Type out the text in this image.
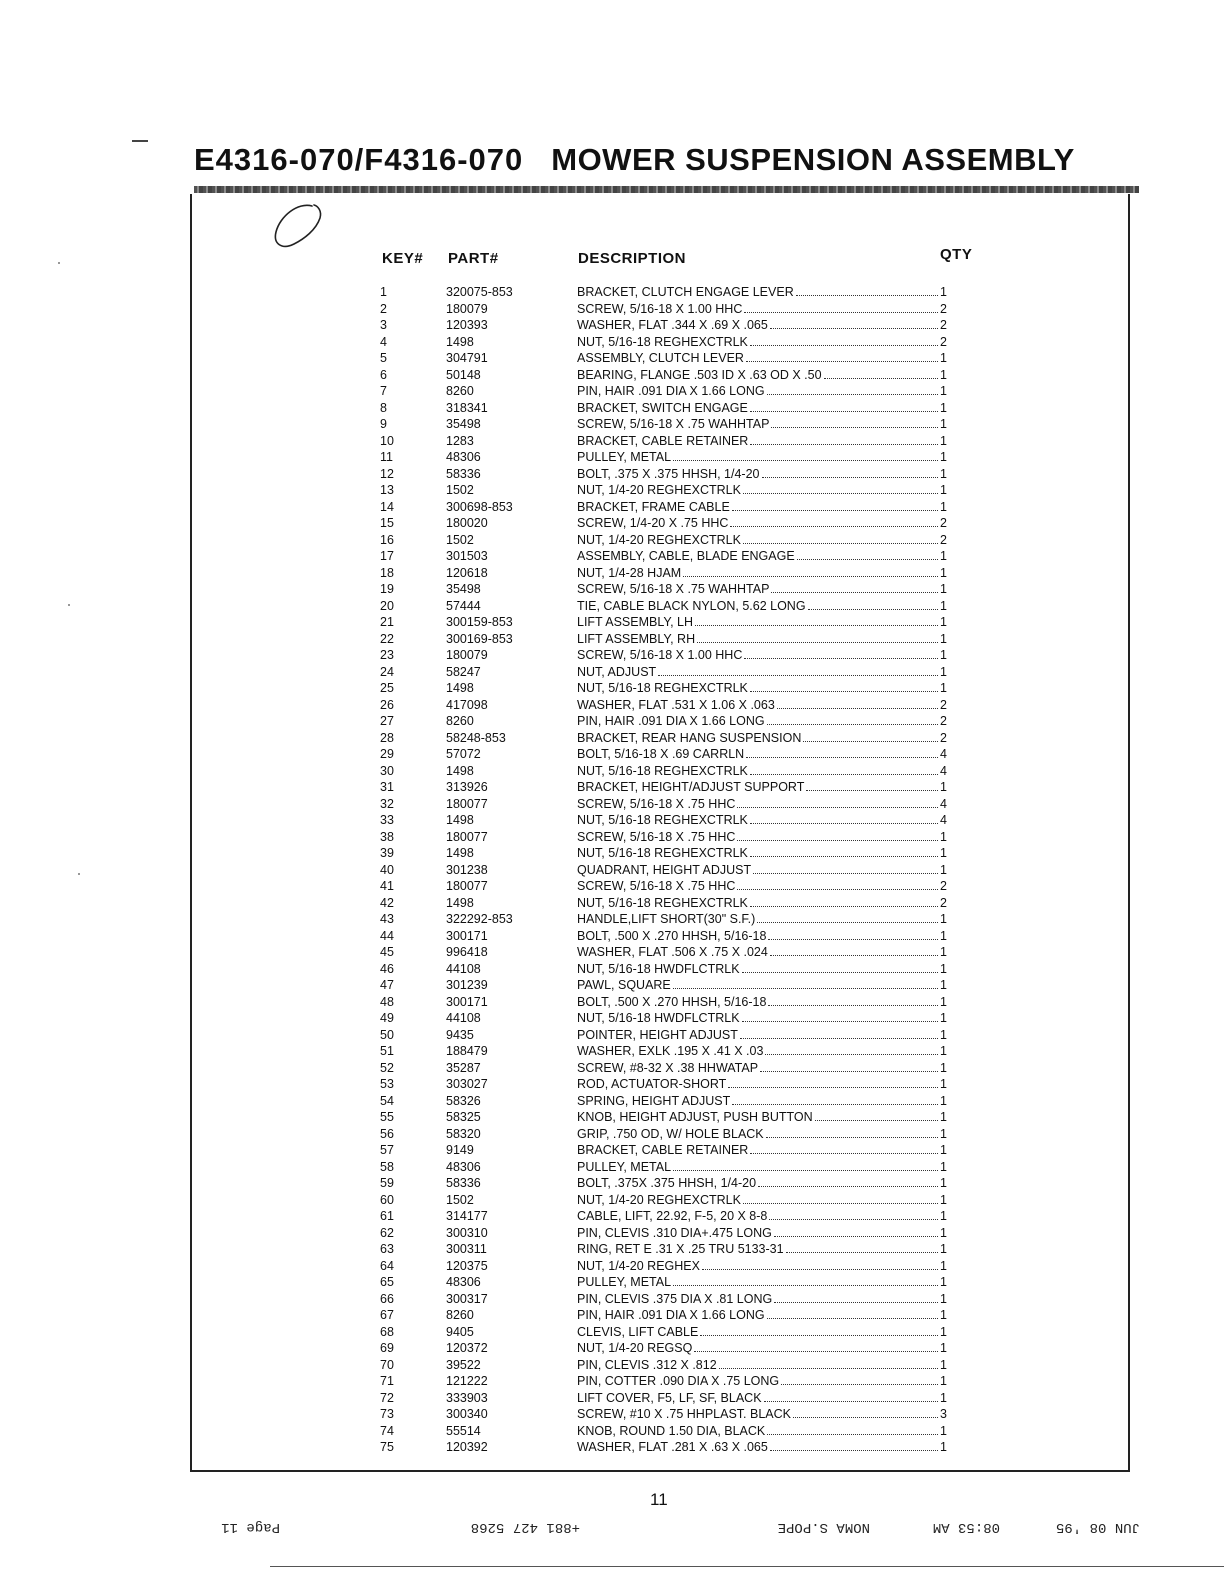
E4316-070/F4316-070 MOWER SUSPENSION ASSEMBLY
KEY# PART#	DESCRIPTION	QTY
1	320075-853	BRACKET, CLUTCH ENGAGE LEVER	1
2	180079	SCREW, 5/16-18 X 1.00 HHC	2
3	120393	WASHER, FLAT .344 X .69 X .065	2
4	1498	NUT, 5/16-18 REGHEXCTRLK	2
5	304791	ASSEMBLY, CLUTCH LEVER	1
6	50148	BEARING, FLANGE .503 ID X .63 OD X .50	1
7	8260	PIN, HAIR .091 DIA X 1.66 LONG	1
8	318341	BRACKET, SWITCH ENGAGE	1
9	35498	SCREW, 5/16-18 X .75 WAHHTAP	1
10	1283	BRACKET, CABLE RETAINER	1
11	48306	PULLEY, METAL	1
12	58336	BOLT, .375 X .375 HHSH, 1/4-20	1
13	1502	NUT, 1/4-20 REGHEXCTRLK	1
14	300698-853	BRACKET, FRAME CABLE	1
15	180020	SCREW, 1/4-20 X .75 HHC	2
16	1502	NUT, 1/4-20 REGHEXCTRLK	2
17	301503	ASSEMBLY, CABLE, BLADE ENGAGE	1
18	120618	NUT, 1/4-28 HJAM	1
19	35498	SCREW, 5/16-18 X .75 WAHHTAP	1
20	57444	TIE, CABLE BLACK NYLON, 5.62 LONG	1
21	300159-853	LIFT ASSEMBLY, LH	1
22	300169-853	LIFT ASSEMBLY, RH	1
23	180079	SCREW, 5/16-18 X 1.00 HHC	1
24	58247	NUT, ADJUST	1
25	1498	NUT, 5/16-18 REGHEXCTRLK	1
26	417098	WASHER, FLAT .531 X 1.06 X .063	2
27	8260	PIN, HAIR .091 DIA X 1.66 LONG	2
28	58248-853	BRACKET, REAR HANG SUSPENSION	2
29	57072	BOLT, 5/16-18 X .69 CARRLN	4
30	1498	NUT, 5/16-18 REGHEXCTRLK	4
31	313926	BRACKET, HEIGHT/ADJUST SUPPORT	1
32	180077	SCREW, 5/16-18 X .75 HHC	4
33	1498	NUT, 5/16-18 REGHEXCTRLK	4
38	180077	SCREW, 5/16-18 X .75 HHC	1
39	1498	NUT, 5/16-18 REGHEXCTRLK	1
40	301238	QUADRANT, HEIGHT ADJUST	1
41	180077	SCREW, 5/16-18 X .75 HHC	2
42	1498	NUT, 5/16-18 REGHEXCTRLK	2
43	322292-853	HANDLE,LIFT SHORT(30" S.F.)	1
44	300171	BOLT, .500 X .270 HHSH, 5/16-18	1
45	996418	WASHER, FLAT .506 X .75 X .024	1
46	44108	NUT, 5/16-18 HWDFLCTRLK	1
47	301239	PAWL, SQUARE	1
48	300171	BOLT, .500 X .270 HHSH, 5/16-18	1
49	44108	NUT, 5/16-18 HWDFLCTRLK	1
50	9435	POINTER, HEIGHT ADJUST	1
51	188479	WASHER, EXLK .195 X .41 X .03	1
52	35287	SCREW, #8-32 X .38 HHWATAP	1
53	303027	ROD, ACTUATOR-SHORT	1
54	58326	SPRING, HEIGHT ADJUST	1
55	58325	KNOB, HEIGHT ADJUST, PUSH BUTTON	1
56	58320	GRIP, .750 OD, W/ HOLE BLACK	1
57	9149	BRACKET, CABLE RETAINER	1
58	48306	PULLEY, METAL	1
59	58336	BOLT, .375X .375 HHSH, 1/4-20	1
60	1502	NUT, 1/4-20 REGHEXCTRLK	1
61	314177	CABLE, LIFT, 22.92, F-5, 20 X 8-8	1
62	300310	PIN, CLEVIS .310 DIA+.475 LONG	1
63	300311	RING, RET E .31 X .25 TRU 5133-31	1
64	120375	NUT, 1/4-20 REGHEX	1
65	48306	PULLEY, METAL	1
66	300317	PIN, CLEVIS .375 DIA X .81 LONG	1
67	8260	PIN, HAIR .091 DIA X 1.66 LONG	1
68	9405	CLEVIS, LIFT CABLE	1
69	120372	NUT, 1/4-20 REGSQ	1
70	39522	PIN, CLEVIS .312 X .812	1
71	121222	PIN, COTTER .090 DIA X .75 LONG	1
72	333903	LIFT COVER, F5, LF, SF, BLACK	1
73	300340	SCREW, #10 X .75 HHPLAST. BLACK	3
74	55514	KNOB, ROUND 1.50 DIA, BLACK	1
75	120392	WASHER, FLAT .281 X .63 X .065	1
11
JUN 08 '95
08:53 AM
NOMA S.POPE
+881 427 5268
Page 11
